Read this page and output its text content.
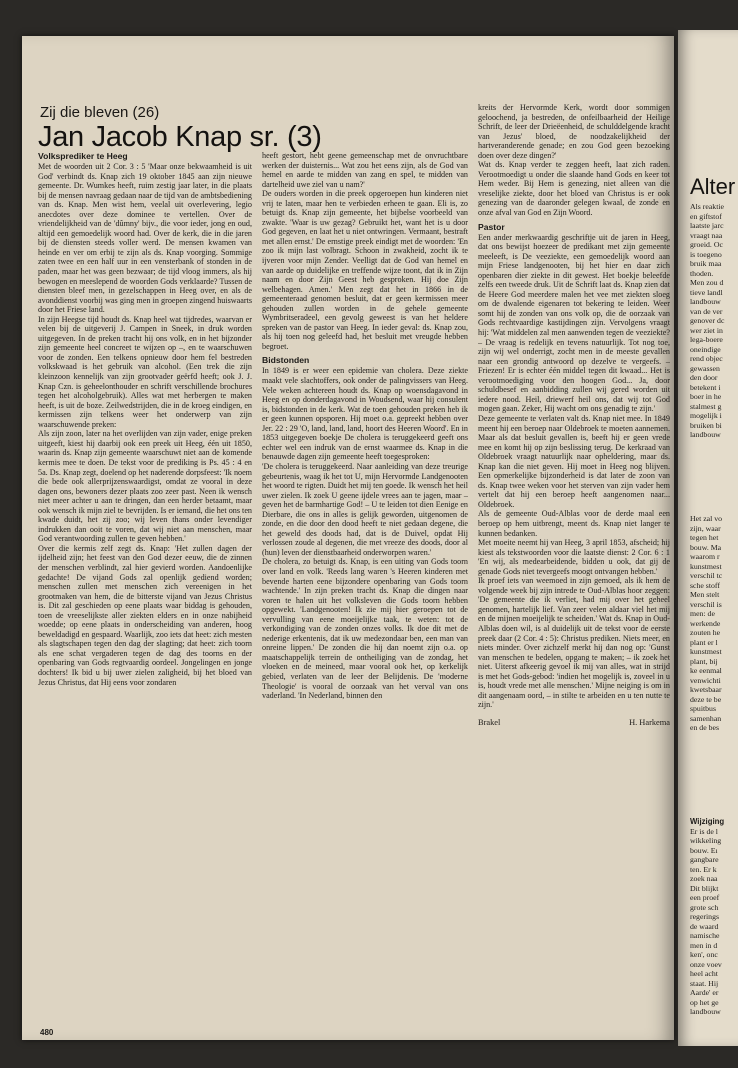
Zij die bleven (26)
Jan Jacob Knap sr. (3)
Volksprediker te Heeg

Met de woorden uit 2 Cor. 3 : 5 'Maar onze bekwaamheid is uit God' verbindt ds. Knap zich 19 oktober 1845 aan zijn nieuwe gemeente. Dr. Wumkes heeft, ruim zestig jaar later, in die plaats bij de mensen navraag gedaan naar de tijd van de ambtsbediening van ds. Knap. Men wist hem, veelal uit overlevering, legio anecdotes over deze dominee te vertellen. Over de vriendelijkheid van de 'dûmny' bijv., die voor ieder, jong en oud, altijd een gemoedelijk woord had. Over de kerk, die in die jaren bij de diensten steeds voller werd. De mensen kwamen van heinde en ver om erbij te zijn als ds. Knap voorging. Sommige zaten twee en een half uur in een vensterbank of stonden in de paden, maar het was geen bezwaar; de tijd vloog immers, als hij bewogen en meeslepend de woorden Gods verklaarde? Tussen de diensten bleef men, in gezelschappen in Heeg over, en als de avonddienst voorbij was ging men in groepen zingend huiswaarts door het Friese land.

In zijn Heegse tijd houdt ds. Knap heel wat tijdredes, waarvan er velen bij de uitgeverij J. Campen in Sneek, in druk worden uitgegeven. In de preken tracht hij ons volk, en in het bijzonder zijn gemeente heel concreet te wijzen op –, en te waarschuwen voor de zonden. Een telkens opnieuw door hem fel bestreden volkskwaad is het gebruik van alcohol. (Een trek die zijn kleinzoon kennelijk van zijn grootvader geërfd heeft; ook J. J. Knap Czn. is geheelonthouder en schrift verschillende brochures tegen het alcoholgebruik). Alles wat met herbergen te maken heeft, is uit de boze. Zeilwedstrijden, die in de kroeg eindigen, en kermissen zijn telkens weer het onderwerp van zijn waarschuwende preken:

Als zijn zoon, later na het overlijden van zijn vader, enige preken uitgeeft, kiest hij daarbij ook een preek uit Heeg, één uit 1850, waarin ds. Knap zijn gemeente waarschuwt niet aan de komende kermis mee te doen. De tekst voor de prediking is Ps. 45 : 4 en 5a. Ds. Knap zegt, doelend op het naderende dorpsfeest: 'Ik noem die bede ook allerprijzenswaardigst, omdat ze vooral in deze dagen ons, bewoners dezer plaats zoo zeer past. Neen ik wensch niet meer achter u aan te dringen, dan een herder betaamt, maar ook wensch ik mijn ziel te bevrijden. Is er iemand, die het ons ten kwade duidt, het zij zoo; wij leven thans onder levendiger indrukken dan ooit te voren, dat wij niet aan menschen, maar God verantwoording zullen te geven hebben.'

Over die kermis zelf zegt ds. Knap: 'Het zullen dagen der ijdelheid zijn; het feest van den God dezer eeuw, die de zinnen der menschen verblindt, zal hier gevierd worden. Aandoenlijke gedachte! De vijand Gods zal openlijk gediend worden; menschen zullen met menschen zich vereenigen in het grootmaken van hem, die de bitterste vijand van Jezus Christus is. Dit zal geschieden op eene plaats waar biddag is gehouden, toen de vreeselijkste aller ziekten elders en in onze nabijheid woedde; op eene plaats in onderscheiding van anderen, hoog beweldadigd en gespaard. Waarlijk, zoo iets dat heet: zich mesten als slagtschapen tegen den dag der slagting; dat heet: zich toorn als ene schat vergaderen tegen de dag des toorns en der openbaring van Gods regtvaardig oordeel. Jongelingen en jonge dochters! Ik bid u bij uwer zielen zaligheid, bij het bloed van Jezus Christus, dat Hij eens voor zondaren

heeft gestort, hebt geene gemeenschap met de onvruchtbare werken der duisternis... Wat zou het eens zijn, als de God van hemel en aarde te midden van zang en spel, te midden van dartelheid uwe ziel van u nam?'

De ouders worden in die preek opgeroepen hun kinderen niet vrij te laten, maar hen te verbieden erheen te gaan. Eli is, zo betuigt ds. Knap zijn gemeente, het bijbelse voorbeeld van zwakte. 'Waar is uw gezag? Gebruikt het, want het is u door God gegeven, en laat het u niet ontwringen. Vermaant, bestraft met allen ernst.' De ernstige preek eindigt met de woorden: 'En zoo ik mijn last volbragt. Schoon in zwakheid, zocht ik te ijveren voor mijn Zender. Veelligt dat de God van hemel en van aarde op duidelijke en treffende wijze toont, dat ik in Zijn naam en door Zijn Geest heb gesproken. Hij doe Zijn welbehagen. Amen.' Men zegt dat het in 1866 in de gemeenteraad genomen besluit, dat er geen kermissen meer gehouden zullen worden in de gehele gemeente Wymbritseradeel, een gevolg geweest is van het heldere spreken van de pastor van Heeg. In ieder geval: ds. Knap zou, als hij toen nog geleefd had, het besluit met vreugde hebben begroet.

Bidstonden

In 1849 is er weer een epidemie van cholera. Deze ziekte maakt vele slachtoffers, ook onder de palingvissers van Heeg. Vele weken achtereen houdt ds. Knap op woensdagavond in Heeg en op donderdagavond in Woudsend, waar hij consulent is, bidstonden in de kerk. Wat de toen gehouden preken heb ik er geen kunnen opsporen. Hij moet o.a. gepreekt hebben over Jer. 22 : 29 'O, land, land, land, hoort des Heeren Woord'. En in 1853 uitgegeven boekje De cholera is teruggekeerd geeft ons echter wel een indruk van de ernst waarmee ds. Knap in die benauwde dagen zijn gemeente heeft toegesproken:

'De cholera is teruggekeerd. Naar aanleiding van deze treurige gebeurtenis, waag ik het tot U, mijn Hervormde Landgenooten het woord te rigten. Duidt het mij ten goede. Ik wensch het heil uwer zielen. Ik zoek U geene ijdele vrees aan te jagen, maar – geven het de barmhartige God! – U te leiden tot dien Eenige en Dierbare, die ons in alles is gelijk geworden, uitgenomen de zonde, en die door den dood heeft te niet gedaan degene, die het geweld des doods had, dat is de Duivel, opdat Hij verlossen zoude al degenen, die met vreeze des doods, door al (hun) leven der dienstbaarheid onderworpen waren.'

De cholera, zo betuigt ds. Knap, is een uiting van Gods toorn over land en volk. 'Reeds lang waren 's Heeren kinderen met bevende harten eene bijzondere openbaring van Gods toorn wachtende.' In zijn preken tracht ds. Knap die dingen naar voren te halen uit het volksleven die Gods toorn hebben opgewekt. 'Landgenooten! Ik zie mij hier geroepen tot de vervulling van eene moeijelijke taak, te weten: tot de verkondiging van de zonden onzes volks. Ik doe dit met de nederige erkentenis, dat ik uw medezondaar ben, een man van onreine lippen.' De zonden die hij dan noemt zijn o.a. op maatschappelijk terrein de ontheiliging van de zondag, het vloeken en de meineed, maar vooral ook het, op kerkelijk gebied, verlaten van de leer der Belijdenis. De 'moderne Theologie' is vooral de oorzaak van het verval van ons vaderland. 'In Nederland, binnen den

kreits der Hervormde Kerk, wordt door sommigen geloochend, ja bestreden, de onfeilbaarheid der Heilige Schrift, de leer der Drieëenheid, de schulddelgende kracht van Jezus' bloed, de noodzakelijkheid der hartveranderende genade; en zou God geen bezoeking doen over deze dingen?'

Wat ds. Knap verder te zeggen heeft, laat zich raden. Verootmoedigt u onder die slaande hand Gods en keer tot Hem weder. Bij Hem is genezing, niet alleen van die vreselijke ziekte, door het bloed van Christus is er ook genezing van de daaronder gelegen kwaal, de zonde en onze afval van God en Zijn Woord.

Pastor

Een ander merkwaardig geschriftje uit de jaren in Heeg, dat ons bewijst hoezeer de predikant met zijn gemeente meeleeft, is De veeziekte, een gemoedelijk woord aan mijn Friese landgenooten, bij het hier en daar zich openbaren dier ziekte in dit gewest. Het boekje beleefde zelfs een tweede druk. Uit de Schrift laat ds. Knap zien dat de Heere God meerdere malen het vee met ziekten sloeg om de dwalende eigenaren tot bekering te leiden. Weer somt hij de zonden van ons volk op, die de oorzaak van Gods rechtvaardige kastijdingen zijn. Vervolgens vraagt hij: 'Wat middelen zal men aanwenden tegen de veeziekte? – De vraag is redelijk en tevens natuurlijk. Tot nog toe, zijn wij wel onderrigt, zocht men in de meeste gevallen naar een grondig antwoord op dezelve te vergeefs. – Friezen! Er is echter één middel tegen dit kwaad... Het is verootmoediging voor den hoogen God... Ja, door schuldbesef en aanbidding zullen wij gered worden uit iedere nood. Heil, driewerf heil ons, dat wij tot God mogen gaan. Zeker, Hij wacht om ons genadig te zijn.'

Deze gemeente te verlaten valt ds. Knap niet mee. In 1849 meent hij een beroep naar Oldebroek te moeten aannemen. Maar als dat besluit gevallen is, beeft hij er geen vrede mee en komt hij op zijn beslissing terug. De kerkraad van Oldebroek vraagt natuurlijk naar opheldering, maar ds. Knap kan die niet geven. Hij moet in Heeg nog blijven. Een opmerkelijke bijzonderheid is dat later de zoon van ds. Knap twee weken voor het sterven van zijn vader hem vertelt dat hij een beroep heeft aangenomen naar... Oldebroek.

Als de gemeente Oud-Alblas voor de derde maal een beroep op hem uitbrengt, meent ds. Knap niet langer te kunnen bedanken.

Met moeite neemt hij van Heeg, 3 april 1853, afscheid; hij kiest als tekstwoorden voor die laatste dienst: 2 Cor. 6 : 1 'En wij, als medearbeidende, bidden u ook, dat gij de genade Gods niet tevergeefs moogt ontvangen hebben.'

Ik proef iets van weemoed in zijn gemoed, als ik hem de volgende week bij zijn intrede te Oud-Alblas hoor zeggen: 'De gemeente die ik verliet, had mij over het geheel genomen, hartelijk lief. Van zeer velen aldaar viel het mij en de mijnen moeijelijk te scheiden.' Wat ds. Knap in Oud-Alblas doen wil, is al duidelijk uit de tekst voor de eerste preek daar (2 Cor. 4 : 5): Christus prediken. Niets meer, en niets minder. Over zichzelf merkt hij dan nog op: 'Gunst van menschen te bedelen, opgang te maken; – ik zoek het niet. Uiterst afkeerig gevoel ik mij van alles, wat in strijd is met het Gods-gebod: 'indien het mogelijk is, zoveel in u is, houdt vrede met alle menschen.' Mijne neiging is om in dit aangenaam oord, – in stilte te arbeiden en u ten nutte te zijn.'

Brakel	H. Harkema
480
Alter
Als reaktie
en giftstof
laatste jarc
vraagt naa
groeid. Oc
is toegeno
bruik maa
thoden.
Men zou d
tieve landl
landbouw
van de ver
genover dc
wer ziet in
lega-boere
oneindige
rend objec
gewassen
den door
betekent i
boer in he
stalmest g
mogelijk i
bruiken bi
landbouw
Het zal vo
zijn, waar
tegen het
bouw. Ma
waarom r
kunstmest
verschil tc
sche stoff
Men stelt
verschil is
men: de
werkende
zouten he
plant er l
kunstmest
plant, bij
ke eenmal
venwichti
kwetsbaar
deze te be
spuitbus
samenhan
en de bes
Wijziging
Er is de l
wikkeling
bouw. Eı
gangbare
ten. Er k
zoek naa
Dit blijkt
een proef
grote sch
regerings
de waard
namische
men in d
ken', onc
onze voev
heel acht
staat. Hij
Aarde' er
op het ge
landbouw
